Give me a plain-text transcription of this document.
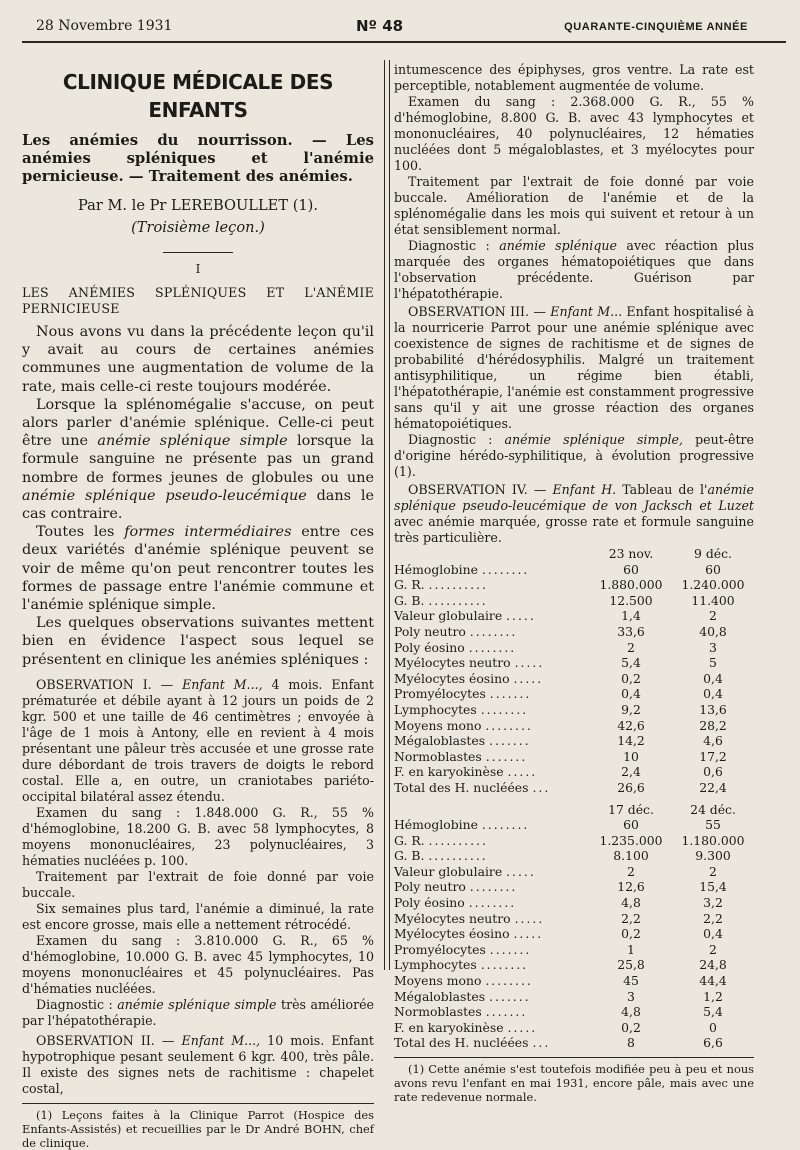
28 Novembre 1931	Nº 48	QUARANTE-CINQUIÈME ANNÉE
CLINIQUE MÉDICALE DES ENFANTS
Les anémies du nourrisson. — Les anémies spléniques et l'anémie pernicieuse. — Traitement des anémies.
Par M. le Pr LEREBOULLET (1).
(Troisième leçon.)
I
LES ANÉMIES SPLÉNIQUES ET L'ANÉMIE PERNICIEUSE

Nous avons vu dans la précédente leçon qu'il y avait au cours de certaines anémies communes une augmentation de volume de la rate, mais celle-ci reste toujours modérée.

Lorsque la splénomégalie s'accuse, on peut alors parler d'anémie splénique. Celle-ci peut être une anémie splénique simple lorsque la formule sanguine ne présente pas un grand nombre de formes jeunes de globules ou une anémie splénique pseudo-leucémique dans le cas contraire.

Toutes les formes intermédiaires entre ces deux variétés d'anémie splénique peuvent se voir de même qu'on peut rencontrer toutes les formes de passage entre l'anémie commune et l'anémie splénique simple.

Les quelques observations suivantes mettent bien en évidence l'aspect sous lequel se présentent en clinique les anémies spléniques :

OBSERVATION I. — Enfant M..., 4 mois. Enfant prématurée et débile ayant à 12 jours un poids de 2 kgr. 500 et une taille de 46 centimètres ; envoyée à l'âge de 1 mois à Antony, elle en revient à 4 mois présentant une pâleur très accusée et une grosse rate dure débordant de trois travers de doigts le rebord costal. Elle a, en outre, un craniotabes pariéto-occipital bilatéral assez étendu.

Examen du sang : 1.848.000 G. R., 55 % d'hémoglobine, 18.200 G. B. avec 58 lymphocytes, 8 moyens mononucléaires, 23 polynucléaires, 3 hématies nucléées p. 100.

Traitement par l'extrait de foie donné par voie buccale.

Six semaines plus tard, l'anémie a diminué, la rate est encore grosse, mais elle a nettement rétrocédé.

Examen du sang : 3.810.000 G. R., 65 % d'hémoglobine, 10.000 G. B. avec 45 lymphocytes, 10 moyens mononucléaires et 45 polynucléaires. Pas d'hématies nucléées.

Diagnostic : anémie splénique simple très améliorée par l'hépatothérapie.

OBSERVATION II. — Enfant M..., 10 mois. Enfant hypotrophique pesant seulement 6 kgr. 400, très pâle. Il existe des signes nets de rachitisme : chapelet costal,

(1) Leçons faites à la Clinique Parrot (Hospice des Enfants-Assistés) et recueillies par le Dr André BOHN, chef de clinique.

intumescence des épiphyses, gros ventre. La rate est perceptible, notablement augmentée de volume.

Examen du sang : 2.368.000 G. R., 55 % d'hémoglobine, 8.800 G. B. avec 43 lymphocytes et mononucléaires, 40 polynucléaires, 12 hématies nucléées dont 5 mégaloblastes, et 3 myélocytes pour 100.

Traitement par l'extrait de foie donné par voie buccale. Amélioration de l'anémie et de la splénomégalie dans les mois qui suivent et retour à un état sensiblement normal.

Diagnostic : anémie splénique avec réaction plus marquée des organes hématopoiétiques que dans l'observation précédente. Guérison par l'hépatothérapie.

OBSERVATION III. — Enfant M... Enfant hospitalisé à la nourricerie Parrot pour une anémie splénique avec coexistence de signes de rachitisme et de signes de probabilité d'hérédosyphilis. Malgré un traitement antisyphilitique, un régime bien établi, l'hépatothérapie, l'anémie est constamment progressive sans qu'il y ait une grosse réaction des organes hématopoiétiques.

Diagnostic : anémie splénique simple, peut-être d'origine hérédo-syphilitique, à évolution progressive (1).

OBSERVATION IV. — Enfant H. Tableau de l'anémie splénique pseudo-leucémique de von Jacksch et Luzet avec anémie marquée, grosse rate et formule sanguine très particulière.

	23 nov.	9 déc.
Hémoglobine ........	60	60
G. R. ..........	1.880.000	1.240.000
G. B. ..........	12.500	11.400
Valeur globulaire .....	1,4	2
Poly neutro ........	33,6	40,8
Poly éosino ........	2	3
Myélocytes neutro .....	5,4	5
Myélocytes éosino .....	0,2	0,4
Promyélocytes .......	0,4	0,4
Lymphocytes ........	9,2	13,6
Moyens mono ........	42,6	28,2
Mégaloblastes .......	14,2	4,6
Normoblastes .......	10	17,2
F. en karyokinèse .....	2,4	0,6
Total des H. nucléées ...	26,6	22,4
	17 déc.	24 déc.
Hémoglobine ........	60	55
G. R. ..........	1.235.000	1.180.000
G. B. ..........	8.100	9.300
Valeur globulaire .....	2	2
Poly neutro ........	12,6	15,4
Poly éosino ........	4,8	3,2
Myélocytes neutro .....	2,2	2,2
Myélocytes éosino .....	0,2	0,4
Promyélocytes .......	1	2
Lymphocytes ........	25,8	24,8
Moyens mono ........	45	44,4
Mégaloblastes .......	3	1,2
Normoblastes .......	4,8	5,4
F. en karyokinèse .....	0,2	0
Total des H. nucléées ...	8	6,6

(1) Cette anémie s'est toutefois modifiée peu à peu et nous avons revu l'enfant en mai 1931, encore pâle, mais avec une rate redevenue normale.
